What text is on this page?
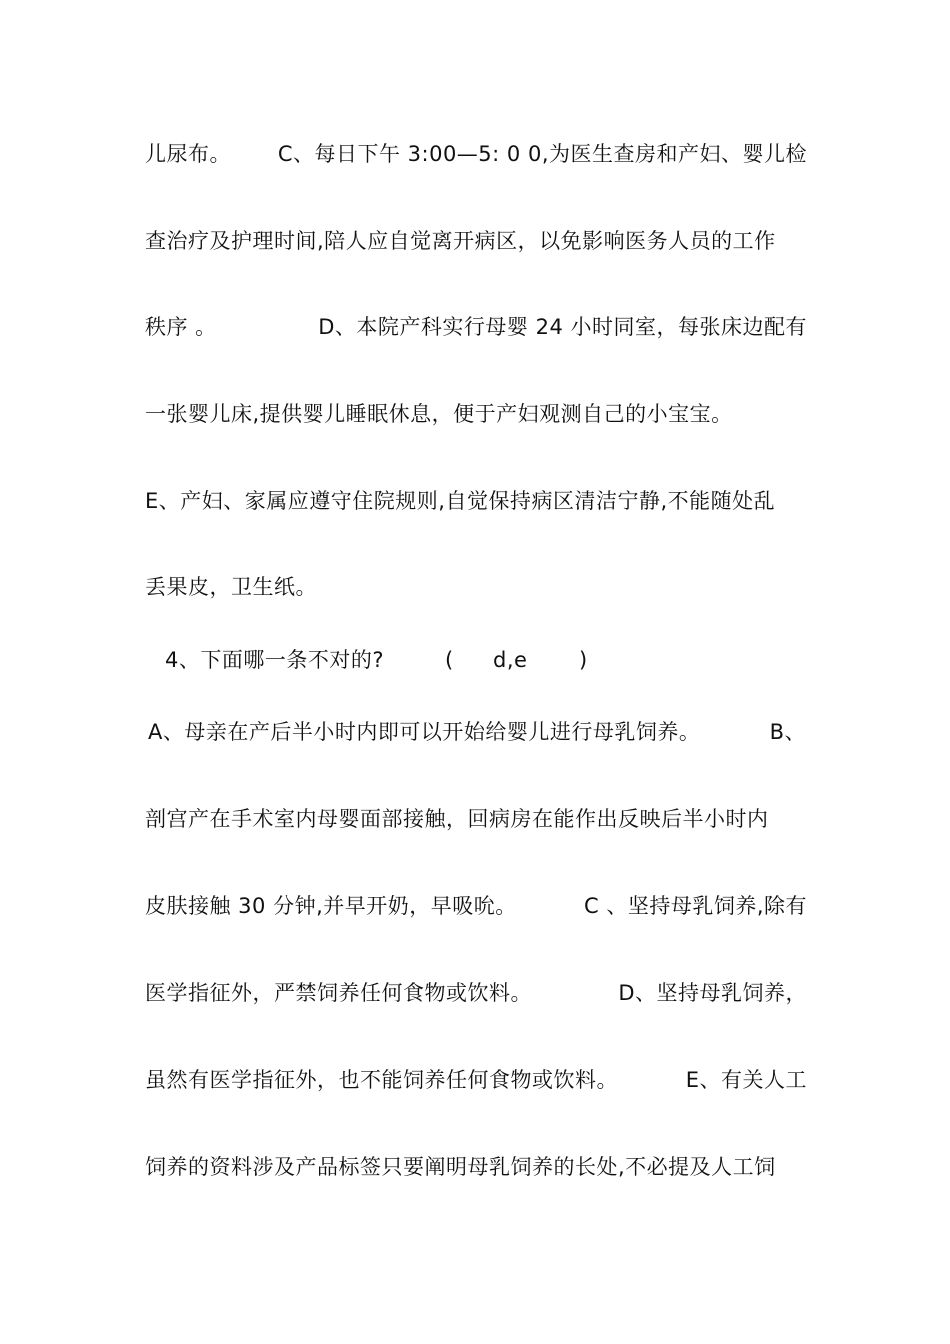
儿尿布。 C、每日下午 3:00—5: 0 0,为医生查房和产妇、婴儿检
查治疗及护理时间,陪人应自觉离开病区，以免影响医务人员的工作
秩序 。	D、本院产科实行母婴 24 小时同室，每张床边配有
一张婴儿床,提供婴儿睡眠休息，便于产妇观测自己的小宝宝。
E、产妇、家属应遵守住院规则,自觉保持病区清洁宁静,不能随处乱
丢果皮，卫生纸。
4、下面哪一条不对的?	( d,e )
A、母亲在产后半小时内即可以开始给婴儿进行母乳饲养。	B、
剖宫产在手术室内母婴面部接触，回病房在能作出反映后半小时内
皮肤接触 30 分钟,并早开奶，早吸吮。	C 、坚持母乳饲养,除有
医学指征外，严禁饲养任何食物或饮料。	D、坚持母乳饲养，
虽然有医学指征外，也不能饲养任何食物或饮料。	E、有关人工
饲养的资料涉及产品标签只要阐明母乳饲养的长处,不必提及人工饲
